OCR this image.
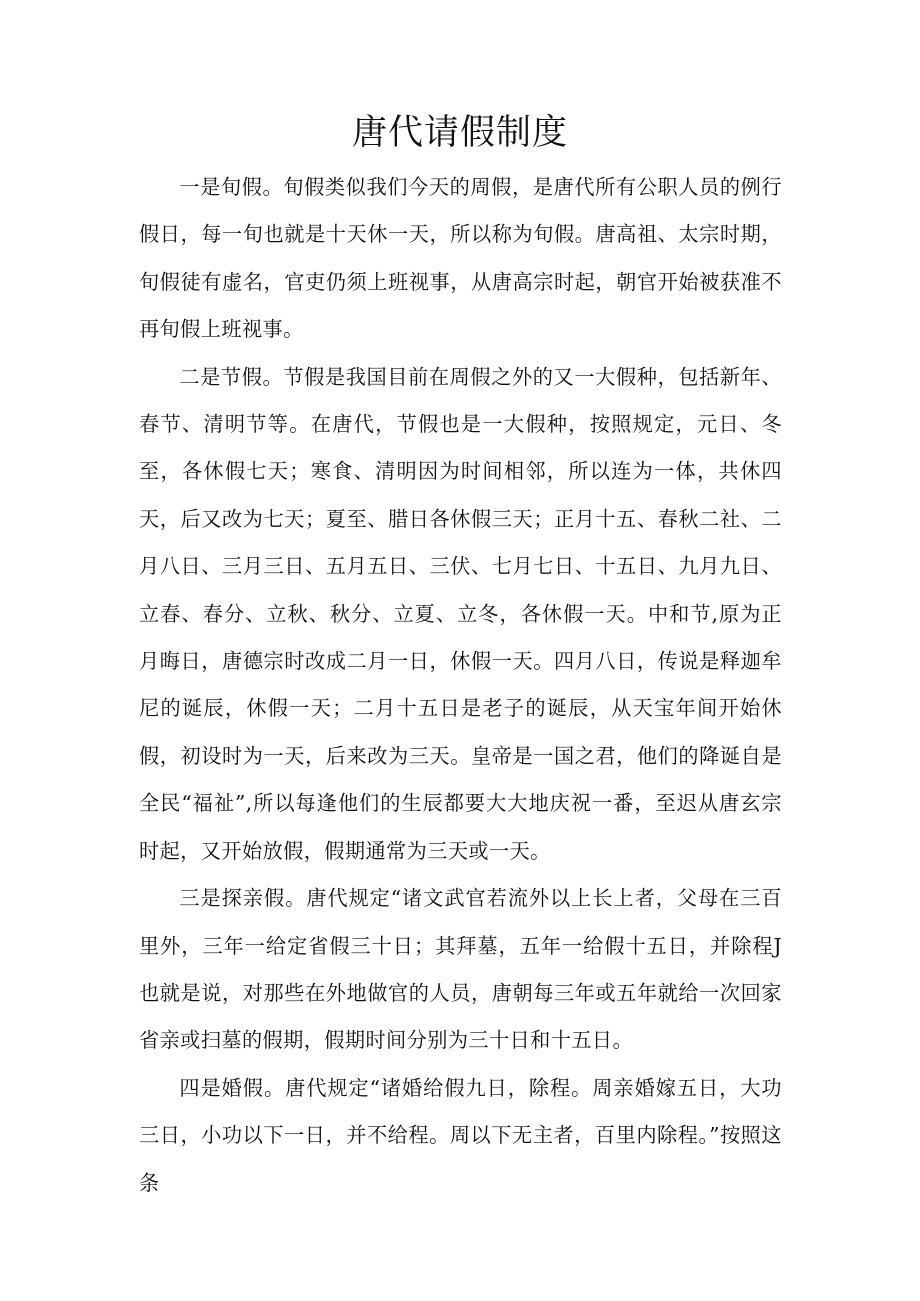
唐代请假制度

一是旬假。旬假类似我们今天的周假，是唐代所有公职人员的例行假日，每一旬也就是十天休一天，所以称为旬假。唐高祖、太宗时期，旬假徒有虚名，官吏仍须上班视事，从唐高宗时起，朝官开始被获准不再旬假上班视事。

二是节假。节假是我国目前在周假之外的又一大假种，包括新年、春节、清明节等。在唐代，节假也是一大假种，按照规定，元日、冬至，各休假七天；寒食、清明因为时间相邻，所以连为一体，共休四天，后又改为七天；夏至、腊日各休假三天；正月十五、春秋二社、二月八日、三月三日、五月五日、三伏、七月七日、十五日、九月九日、立春、春分、立秋、秋分、立夏、立冬，各休假一天。中和节,原为正月晦日，唐德宗时改成二月一日，休假一天。四月八日，传说是释迦牟尼的诞辰，休假一天；二月十五日是老子的诞辰，从天宝年间开始休假，初设时为一天，后来改为三天。皇帝是一国之君，他们的降诞自是全民“福祉”,所以每逢他们的生辰都要大大地庆祝一番，至迟从唐玄宗时起，又开始放假，假期通常为三天或一天。

三是探亲假。唐代规定“诸文武官若流外以上长上者，父母在三百里外，三年一给定省假三十日；其拜墓，五年一给假十五日，并除程J也就是说，对那些在外地做官的人员，唐朝每三年或五年就给一次回家省亲或扫墓的假期，假期时间分别为三十日和十五日。

四是婚假。唐代规定“诸婚给假九日，除程。周亲婚嫁五日，大功三日，小功以下一日，并不给程。周以下无主者，百里内除程。”按照这条
